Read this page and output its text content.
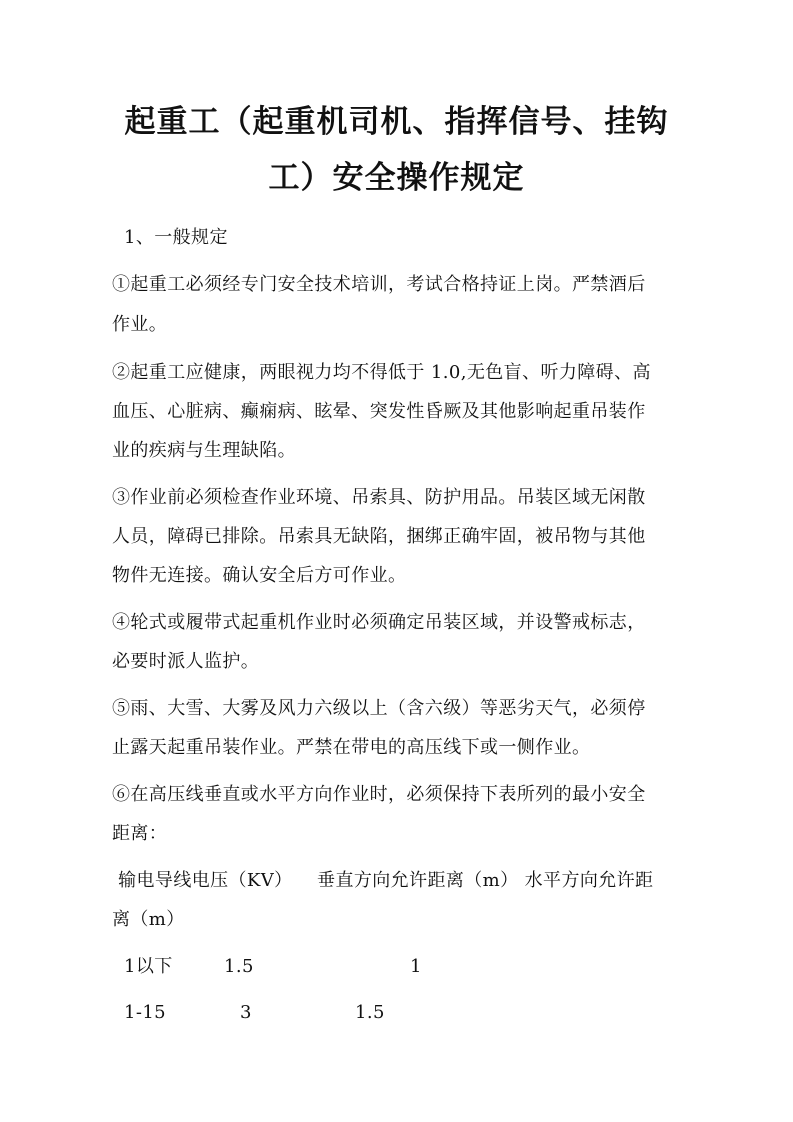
起重工（起重机司机、指挥信号、挂钩
工）安全操作规定
1、一般规定
①起重工必须经专门安全技术培训，考试合格持证上岗。严禁酒后
作业。
②起重工应健康，两眼视力均不得低于 1.0,无色盲、听力障碍、高
血压、心脏病、癫痫病、眩晕、突发性昏厥及其他影响起重吊装作
业的疾病与生理缺陷。
③作业前必须检查作业环境、吊索具、防护用品。吊装区域无闲散
人员，障碍已排除。吊索具无缺陷，捆绑正确牢固，被吊物与其他
物件无连接。确认安全后方可作业。
④轮式或履带式起重机作业时必须确定吊装区域，并设警戒标志，
必要时派人监护。
⑤雨、大雪、大雾及风力六级以上（含六级）等恶劣天气，必须停
止露天起重吊装作业。严禁在带电的高压线下或一侧作业。
⑥在高压线垂直或水平方向作业时，必须保持下表所列的最小安全
距离：
输电导线电压（KV）    垂直方向允许距离（m） 水平方向允许距
离（m）
1以下	1.5	1
1-15	3	1.5
